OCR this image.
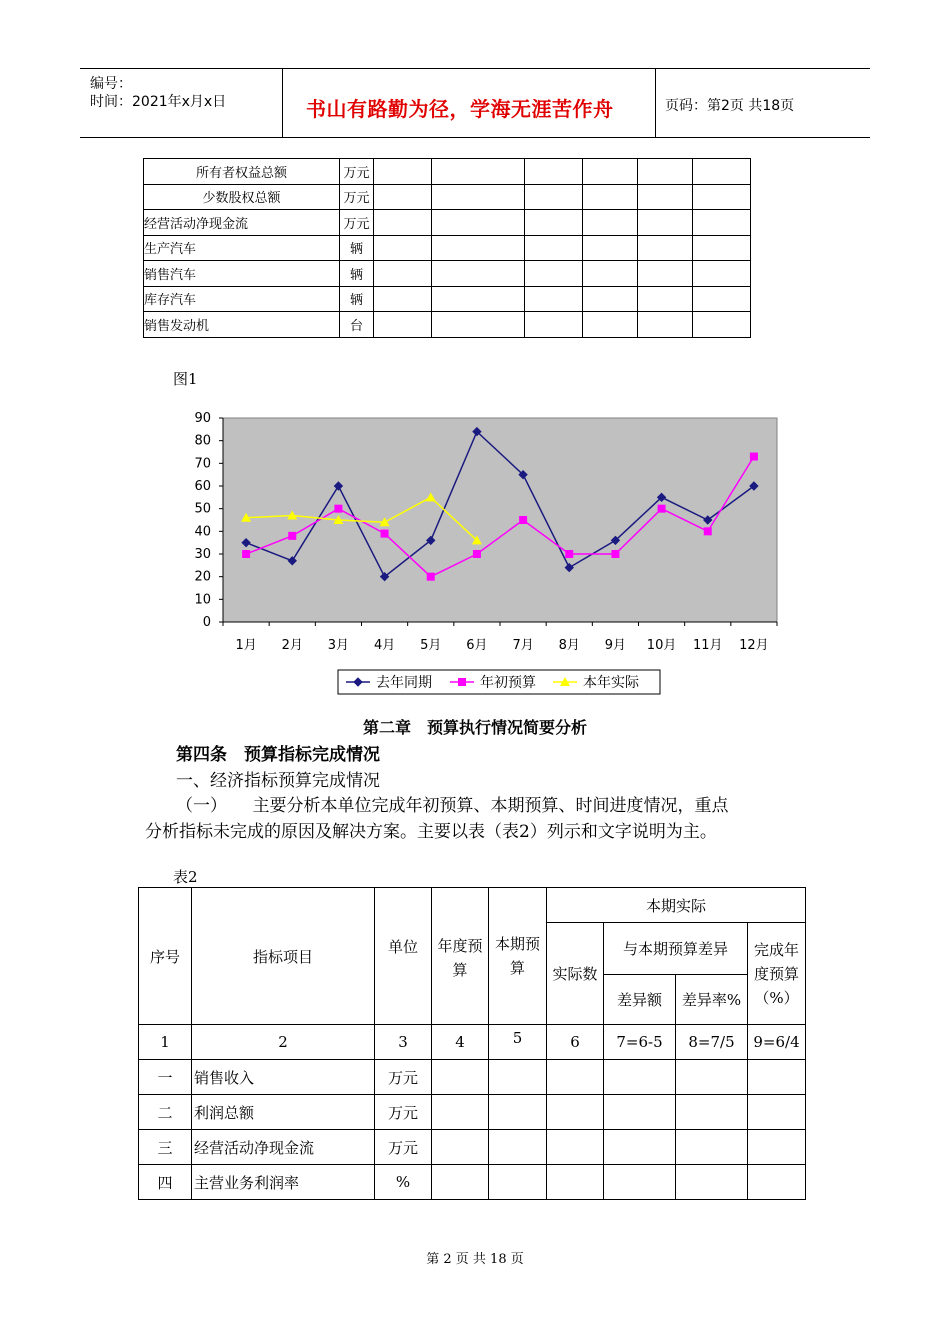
编号：
时间：2021年x月x日	书山有路勤为径，学海无涯苦作舟	页码：第2页 共18页
所有者权益总额	万元						
少数股权总额	万元						
经营活动净现金流	万元						
生产汽车	辆						
销售汽车	辆						
库存汽车	辆						
销售发动机	台						
图1
0
10
20
30
40
50
60
70
80
90
1月 2月 3月 4月 5月 6月 7月 8月 9月 10月 11月 12月
去年同期	年初预算	本年实际
第二章　预算执行情况简要分析
第四条　预算指标完成情况
一、经济指标预算完成情况
（一）　　主要分析本单位完成年初预算、本期预算、时间进度情况，重点
分析指标未完成的原因及解决方案。主要以表（表2）列示和文字说明为主。
表2
序号	指标项目	单位	年度预算	本期预算	本期实际			
					实际数	与本期预算差异		完成年度预算（%）
						差异额	差异率%	
1	2	3	4	5	6	7=6-5	8=7/5	9=6/4
一	销售收入	万元						
二	利润总额	万元						
三	经营活动净现金流	万元						
四	主营业务利润率	%						
第 2 页 共 18 页
